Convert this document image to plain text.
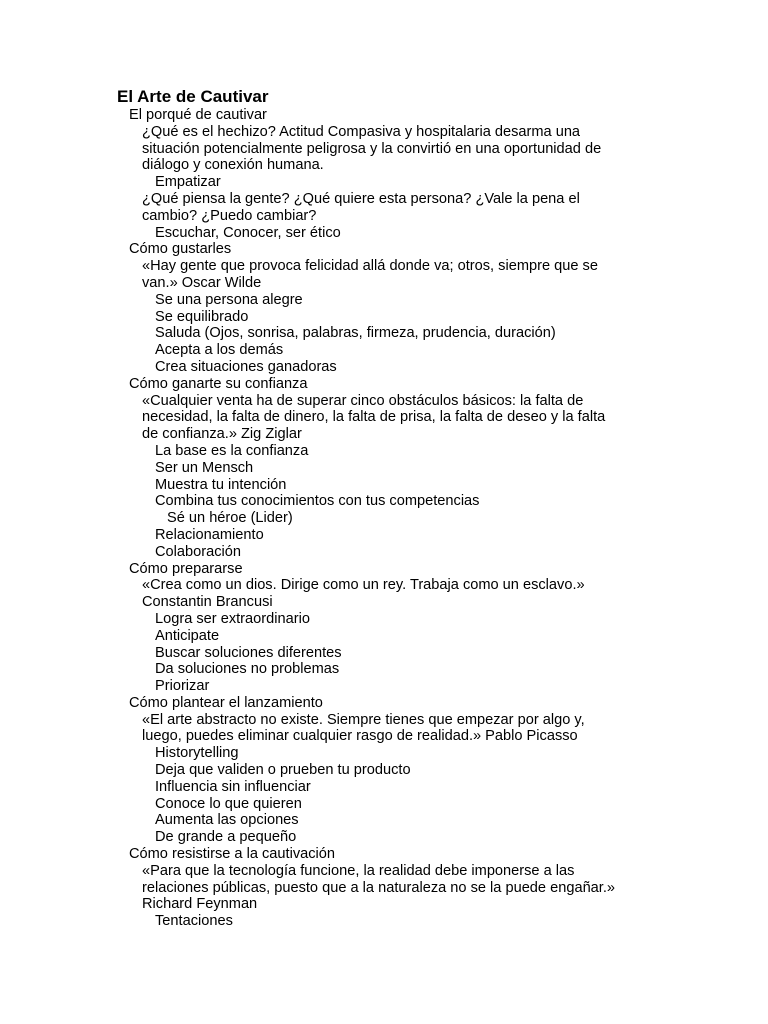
El Arte de Cautivar
El porqué de cautivar
¿Qué es el hechizo? Actitud Compasiva y hospitalaria desarma una
situación potencialmente peligrosa y la convirtió en una oportunidad de
diálogo y conexión humana.
Empatizar
¿Qué piensa la gente? ¿Qué quiere esta persona? ¿Vale la pena el
cambio? ¿Puedo cambiar?
Escuchar, Conocer, ser ético
Cómo gustarles
«Hay gente que provoca felicidad allá donde va; otros, siempre que se
van.» Oscar Wilde
Se una persona alegre
Se equilibrado
Saluda (Ojos, sonrisa, palabras, firmeza, prudencia, duración)
Acepta a los demás
Crea situaciones ganadoras
Cómo ganarte su confianza
«Cualquier venta ha de superar cinco obstáculos básicos: la falta de
necesidad, la falta de dinero, la falta de prisa, la falta de deseo y la falta
de confianza.» Zig Ziglar
La base es la confianza
Ser un Mensch
Muestra tu intención
Combina tus conocimientos con tus competencias
Sé un héroe (Lider)
Relacionamiento
Colaboración
Cómo prepararse
«Crea como un dios. Dirige como un rey. Trabaja como un esclavo.»
Constantin Brancusi
Logra ser extraordinario
Anticipate
Buscar soluciones diferentes
Da soluciones no problemas
Priorizar
Cómo plantear el lanzamiento
«El arte abstracto no existe. Siempre tienes que empezar por algo y,
luego, puedes eliminar cualquier rasgo de realidad.» Pablo Picasso
Historytelling
Deja que validen o prueben tu producto
Influencia sin influenciar
Conoce lo que quieren
Aumenta las opciones
De grande a pequeño
Cómo resistirse a la cautivación
«Para que la tecnología funcione, la realidad debe imponerse a las
relaciones públicas, puesto que a la naturaleza no se la puede engañar.»
Richard Feynman
Tentaciones
